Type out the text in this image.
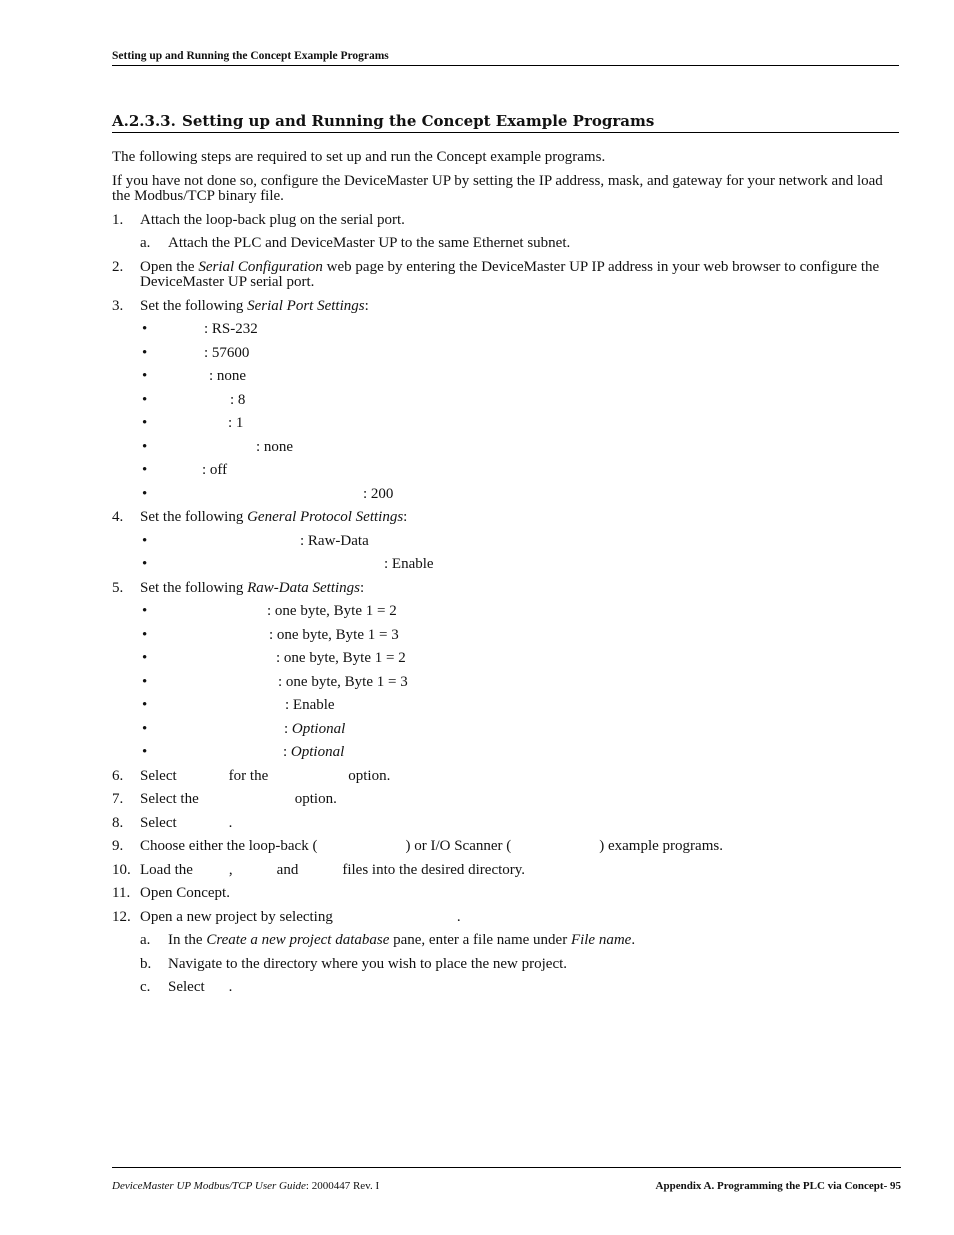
Setting up and Running the Concept Example Programs
A.2.3.3. Setting up and Running the Concept Example Programs

The following steps are required to set up and run the Concept example programs.

If you have not done so, configure the DeviceMaster UP by setting the IP address, mask, and gateway for your network and load the Modbus/TCP binary file.

1. Attach the loop-back plug on the serial port.
a. Attach the PLC and DeviceMaster UP to the same Ethernet subnet.
2. Open the Serial Configuration web page by entering the DeviceMaster UP IP address in your web browser to configure the DeviceMaster UP serial port.
3. Set the following Serial Port Settings:
•	: RS-232
•	: 57600
•	: none
•	: 8
•	: 1
•	: none
•	: off
•	: 200
4. Set the following General Protocol Settings:
•	: Raw-Data
•	: Enable
5. Set the following Raw-Data Settings:
•	: one byte, Byte 1 = 2
•	: one byte, Byte 1 = 3
•	: one byte, Byte 1 = 2
•	: one byte, Byte 1 = 3
•	: Enable
•	: Optional
•	: Optional
6. Select	for the	option.
7. Select the	option.
8. Select	.
9. Choose either the loop-back (	) or I/O Scanner (	) example programs.
10. Load the ,	and	files into the desired directory.
11. Open Concept.
12. Open a new project by selecting	.
a. In the Create a new project database pane, enter a file name under File name.
b. Navigate to the directory where you wish to place the new project.
c. Select .
DeviceMaster UP Modbus/TCP User Guide: 2000447 Rev. I	Appendix A. Programming the PLC via Concept- 95
